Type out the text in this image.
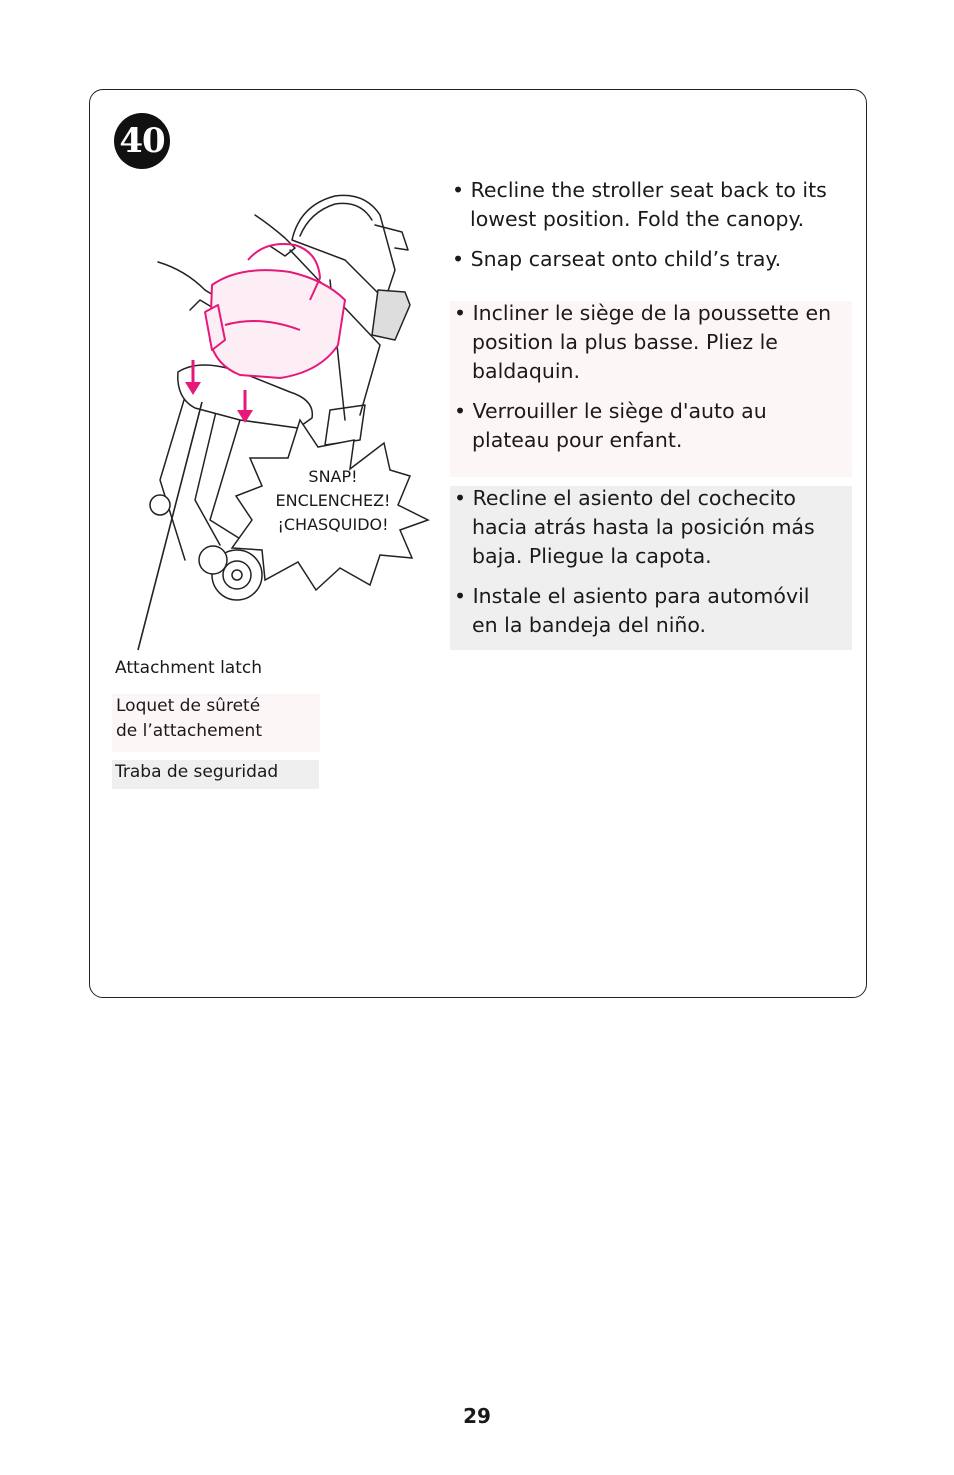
40

• Recline the stroller seat back to its
lowest position. Fold the canopy.

• Snap carseat onto child’s tray.

• Incliner le siège de la poussette en
position la plus basse. Pliez le
baldaquin.

• Verrouiller le siège d'auto au
plateau pour enfant.

• Recline el asiento del cochecito
hacia atrás hasta la posición más
baja. Pliegue la capota.

• Instale el asiento para automóvil
en la bandeja del niño.

SNAP!
ENCLENCHEZ!
¡CHASQUIDO!
Attachment latch
Loquet de sûreté
de l’attachement
Traba de seguridad
29
